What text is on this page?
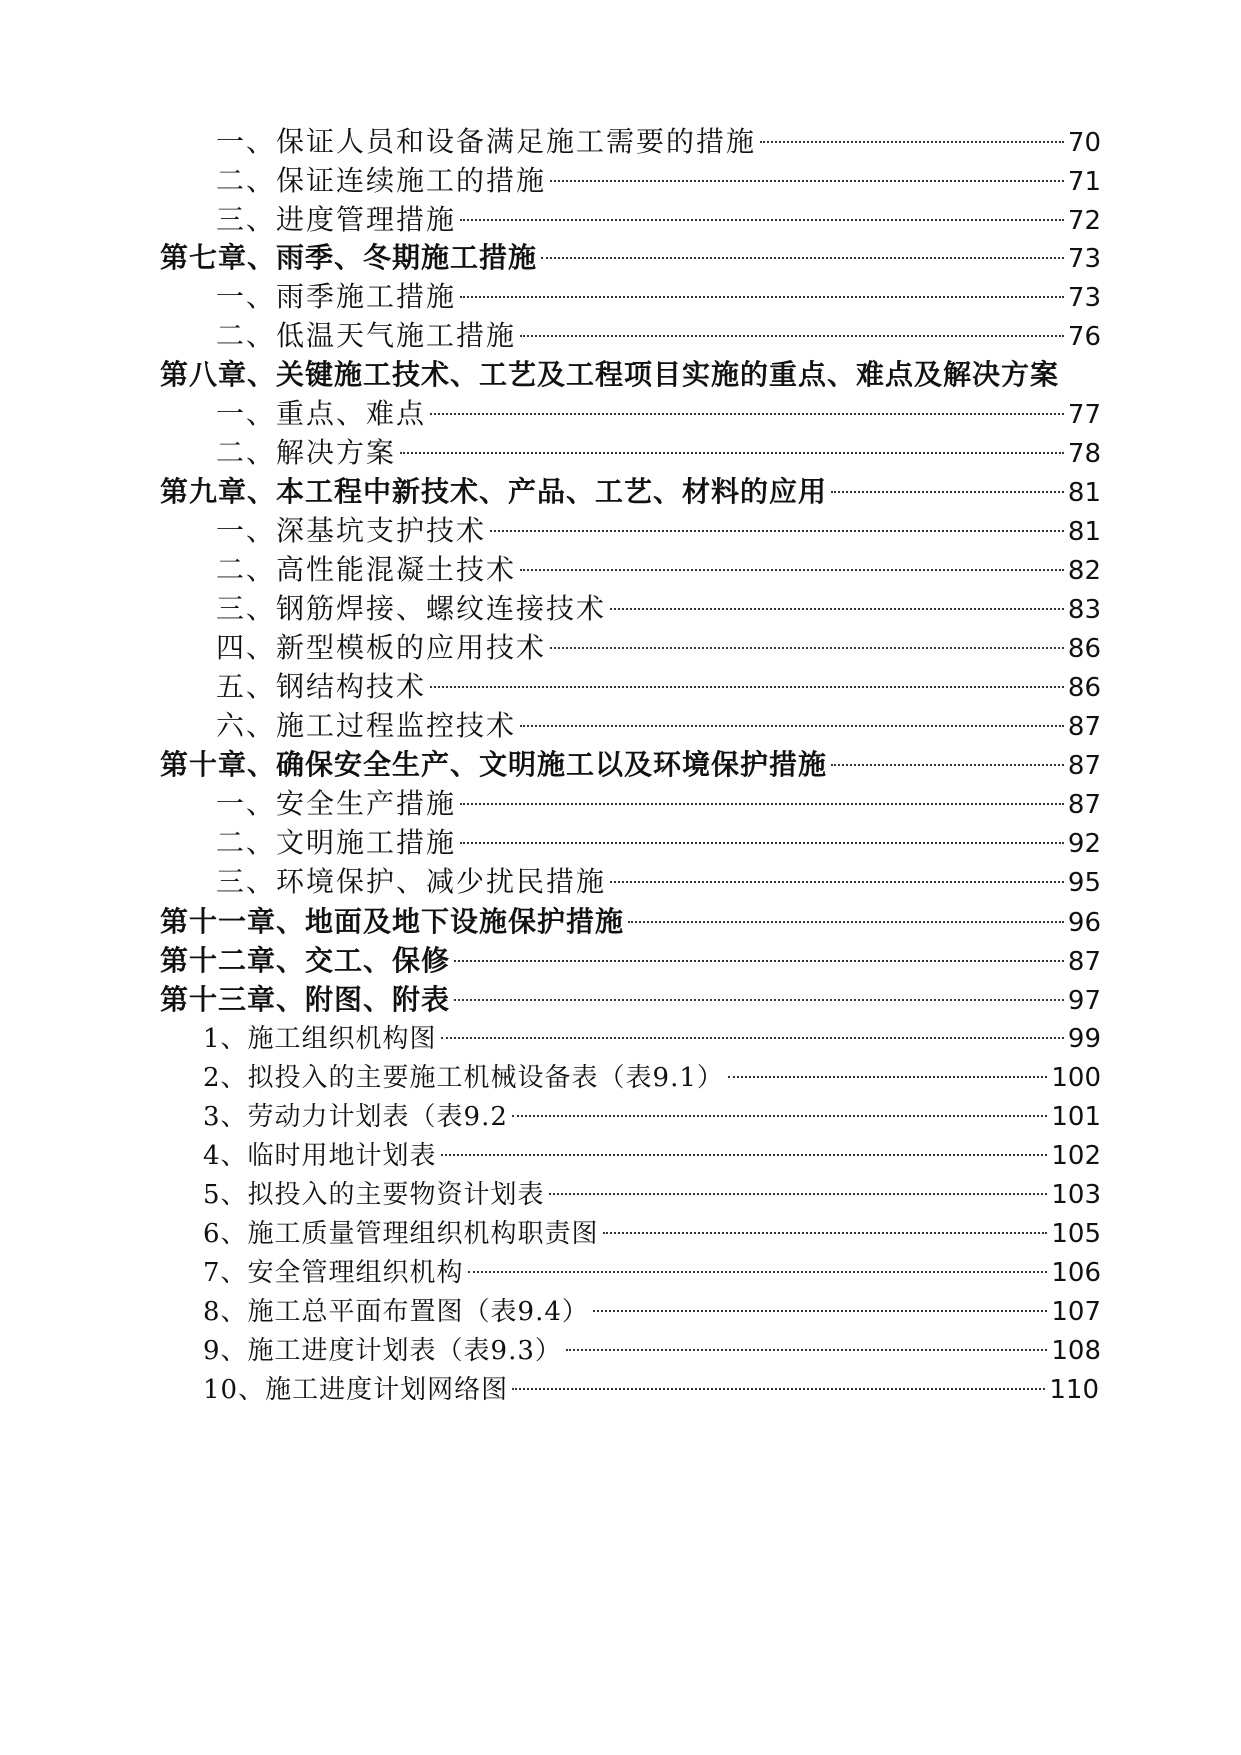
一、保证人员和设备满足施工需要的措施	70
二、保证连续施工的措施	71
三、进度管理措施	72
第七章、雨季、冬期施工措施	73
一、雨季施工措施	73
二、低温天气施工措施	76
第八章、关键施工技术、工艺及工程项目实施的重点、难点及解决方案
一、重点、难点	77
二、解决方案	78
第九章、本工程中新技术、产品、工艺、材料的应用	81
一、深基坑支护技术	81
二、高性能混凝土技术	82
三、钢筋焊接、螺纹连接技术	83
四、新型模板的应用技术	86
五、钢结构技术	86
六、施工过程监控技术	87
第十章、确保安全生产、文明施工以及环境保护措施	87
一、安全生产措施	87
二、文明施工措施	92
三、环境保护、减少扰民措施	95
第十一章、地面及地下设施保护措施	96
第十二章、交工、保修	87
第十三章、附图、附表	97
1、施工组织机构图	99
2、拟投入的主要施工机械设备表（表9.1）	100
3、劳动力计划表（表9.2	101
4、临时用地计划表	102
5、拟投入的主要物资计划表	103
6、施工质量管理组织机构职责图	105
7、安全管理组织机构	106
8、施工总平面布置图（表9.4）	107
9、施工进度计划表（表9.3）	108
10、施工进度计划网络图	110
